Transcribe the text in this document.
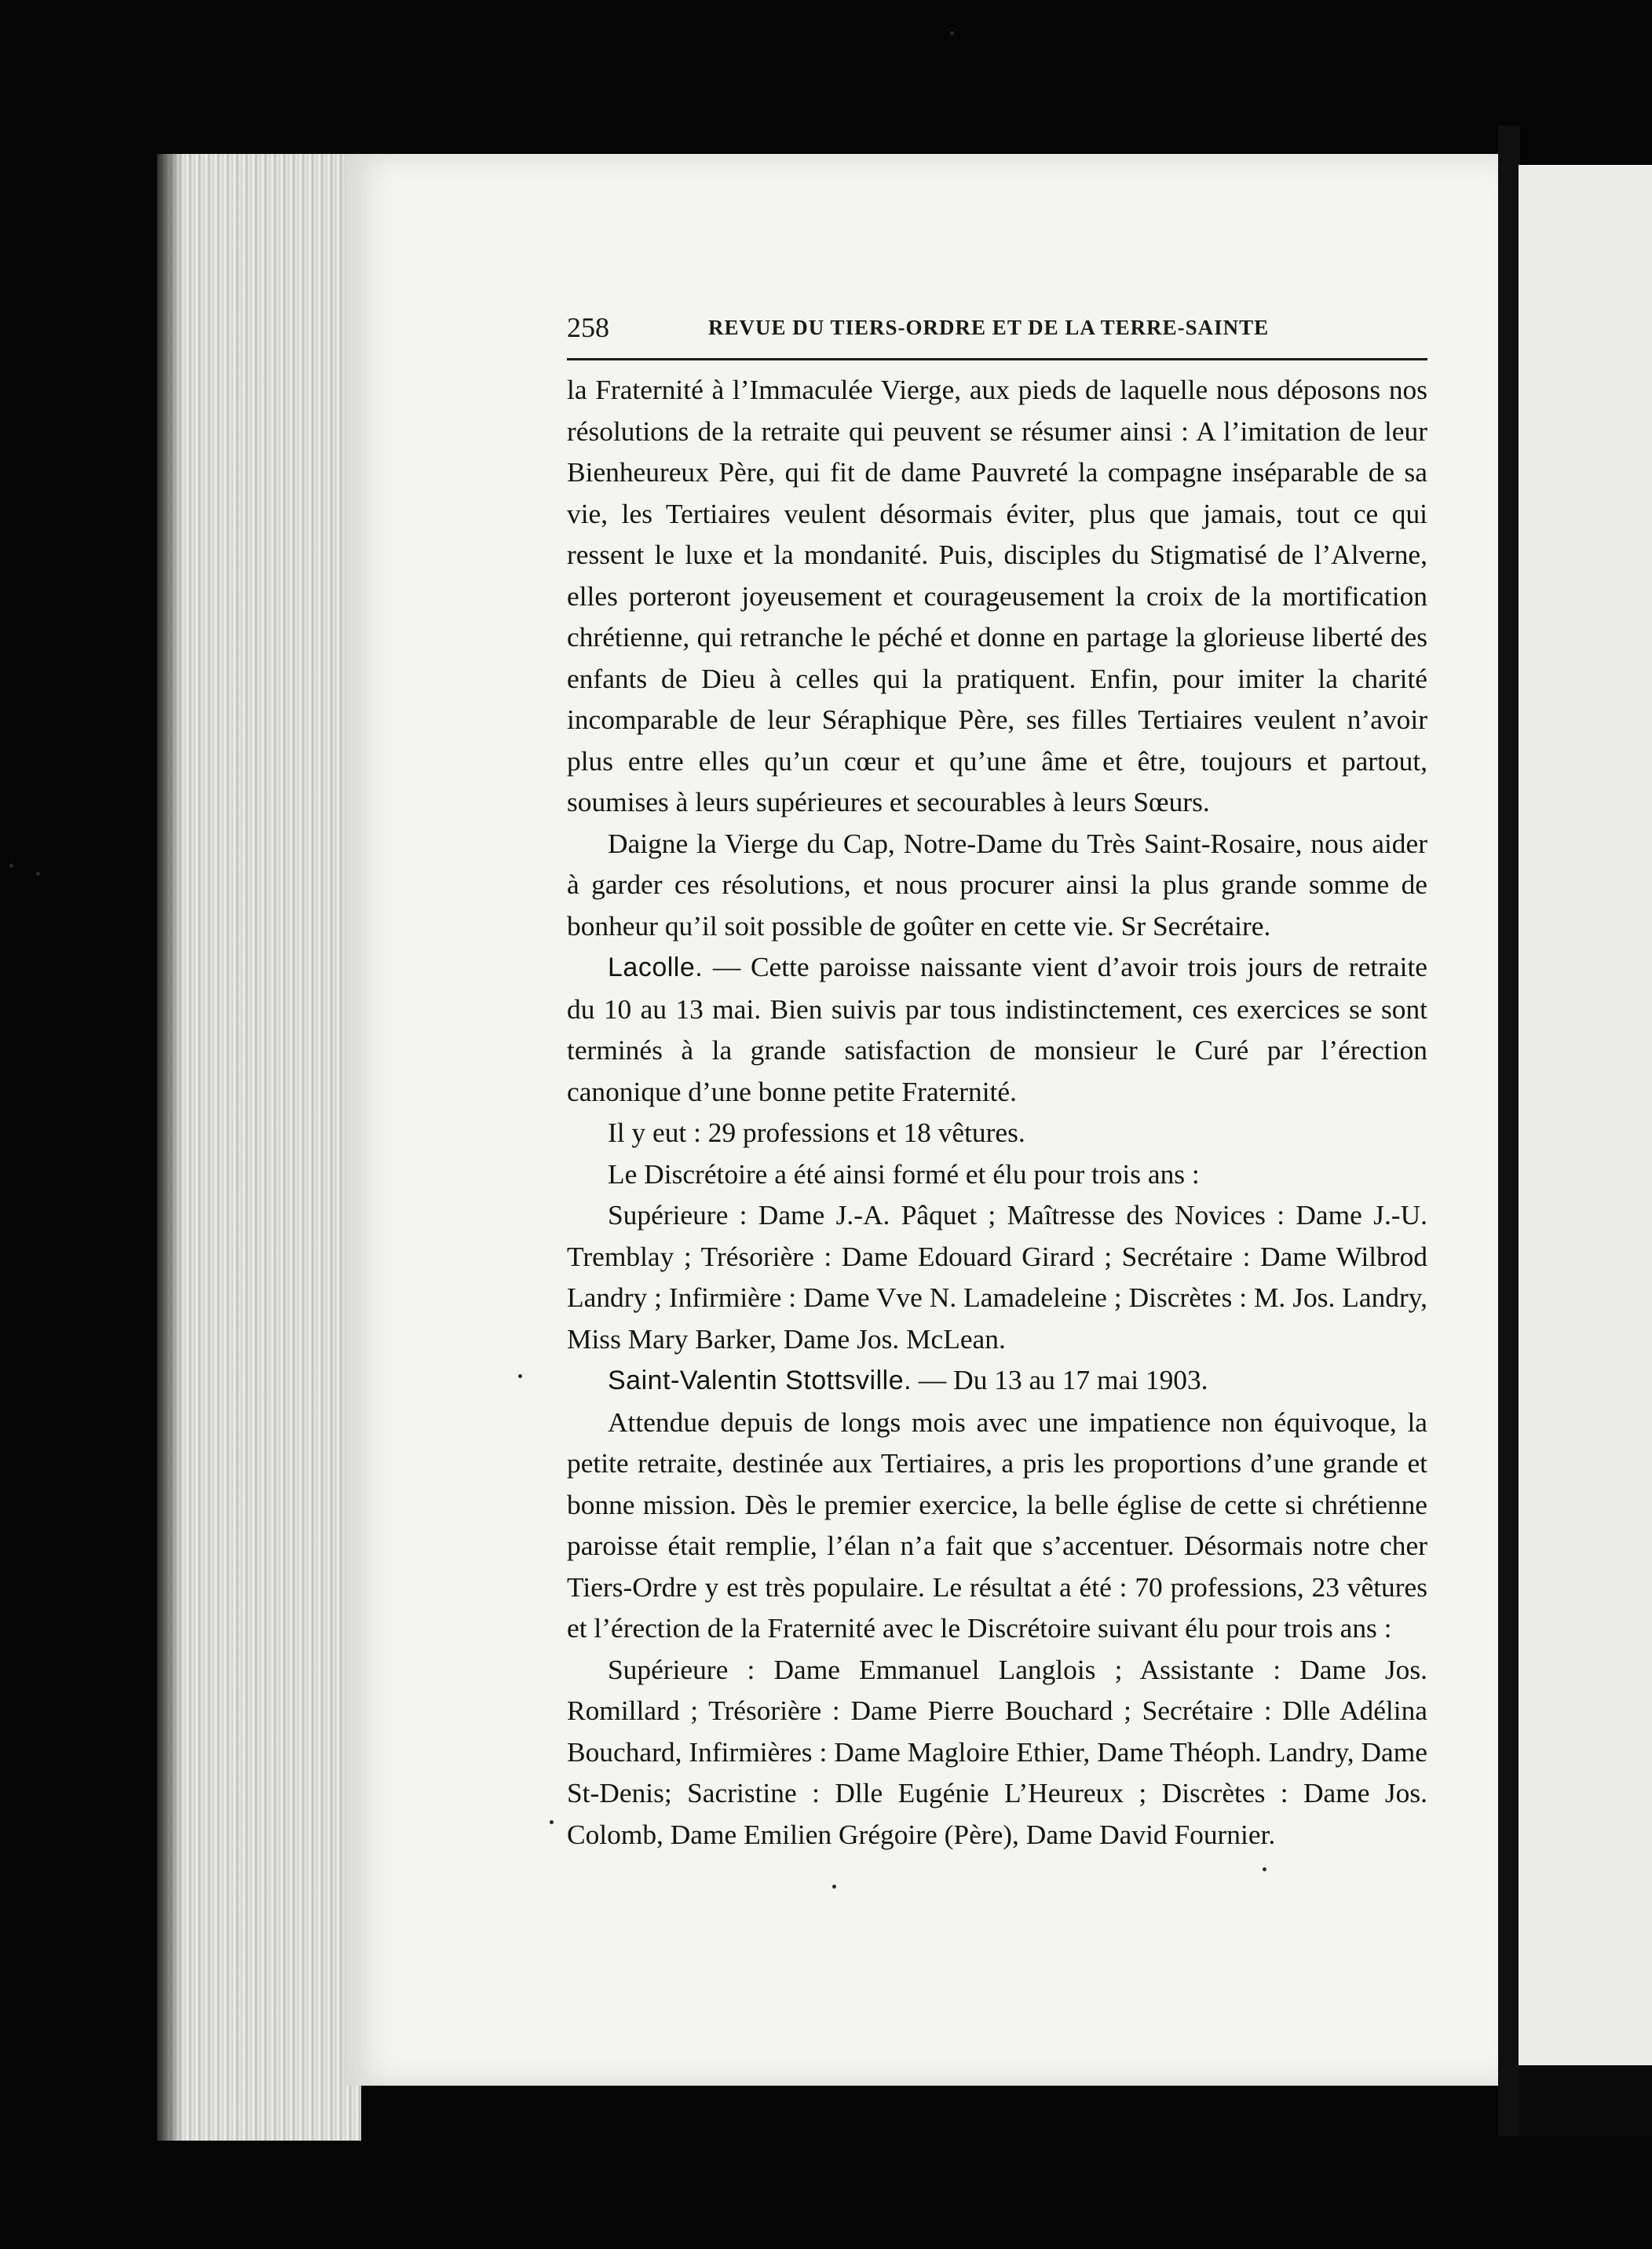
258	REVUE DU TIERS-ORDRE ET DE LA TERRE-SAINTE

la Fraternité à l’Immaculée Vierge, aux pieds de laquelle nous déposons nos résolutions de la retraite qui peuvent se résumer ainsi : A l’imitation de leur Bienheureux Père, qui fit de dame Pauvreté la compagne inséparable de sa vie, les Tertiaires veulent désormais éviter, plus que jamais, tout ce qui ressent le luxe et la mondanité. Puis, disciples du Stigmatisé de l’Alverne, elles porteront joyeusement et courageusement la croix de la mortification chrétienne, qui retranche le péché et donne en partage la glorieuse liberté des enfants de Dieu à celles qui la pratiquent. Enfin, pour imiter la charité incomparable de leur Séraphique Père, ses filles Tertiaires veulent n’avoir plus entre elles qu’un cœur et qu’une âme et être, toujours et partout, soumises à leurs supérieures et secourables à leurs Sœurs.

Daigne la Vierge du Cap, Notre-Dame du Très Saint-Rosaire, nous aider à garder ces résolutions, et nous procurer ainsi la plus grande somme de bonheur qu’il soit possible de goûter en cette vie. Sr Secrétaire.

Lacolle. — Cette paroisse naissante vient d’avoir trois jours de retraite du 10 au 13 mai. Bien suivis par tous indistinctement, ces exercices se sont terminés à la grande satisfaction de monsieur le Curé par l’érection canonique d’une bonne petite Fraternité.

Il y eut : 29 professions et 18 vêtures.

Le Discrétoire a été ainsi formé et élu pour trois ans :

Supérieure : Dame J.-A. Pâquet ; Maîtresse des Novices : Dame J.-U. Tremblay ; Trésorière : Dame Edouard Girard ; Secrétaire : Dame Wilbrod Landry ; Infirmière : Dame Vve N. Lamadeleine ; Discrètes : M. Jos. Landry, Miss Mary Barker, Dame Jos. McLean.

Saint-Valentin Stottsville. — Du 13 au 17 mai 1903.

Attendue depuis de longs mois avec une impatience non équivoque, la petite retraite, destinée aux Tertiaires, a pris les proportions d’une grande et bonne mission. Dès le premier exercice, la belle église de cette si chrétienne paroisse était remplie, l’élan n’a fait que s’accentuer. Désormais notre cher Tiers-Ordre y est très populaire. Le résultat a été : 70 professions, 23 vêtures et l’érection de la Fraternité avec le Discrétoire suivant élu pour trois ans :

Supérieure : Dame Emmanuel Langlois ; Assistante : Dame Jos. Romillard ; Trésorière : Dame Pierre Bouchard ; Secrétaire : Dlle Adélina Bouchard, Infirmières : Dame Magloire Ethier, Dame Théoph. Landry, Dame St-Denis; Sacristine : Dlle Eugénie L’Heureux ; Discrètes : Dame Jos. Colomb, Dame Emilien Grégoire (Père), Dame David Fournier.
